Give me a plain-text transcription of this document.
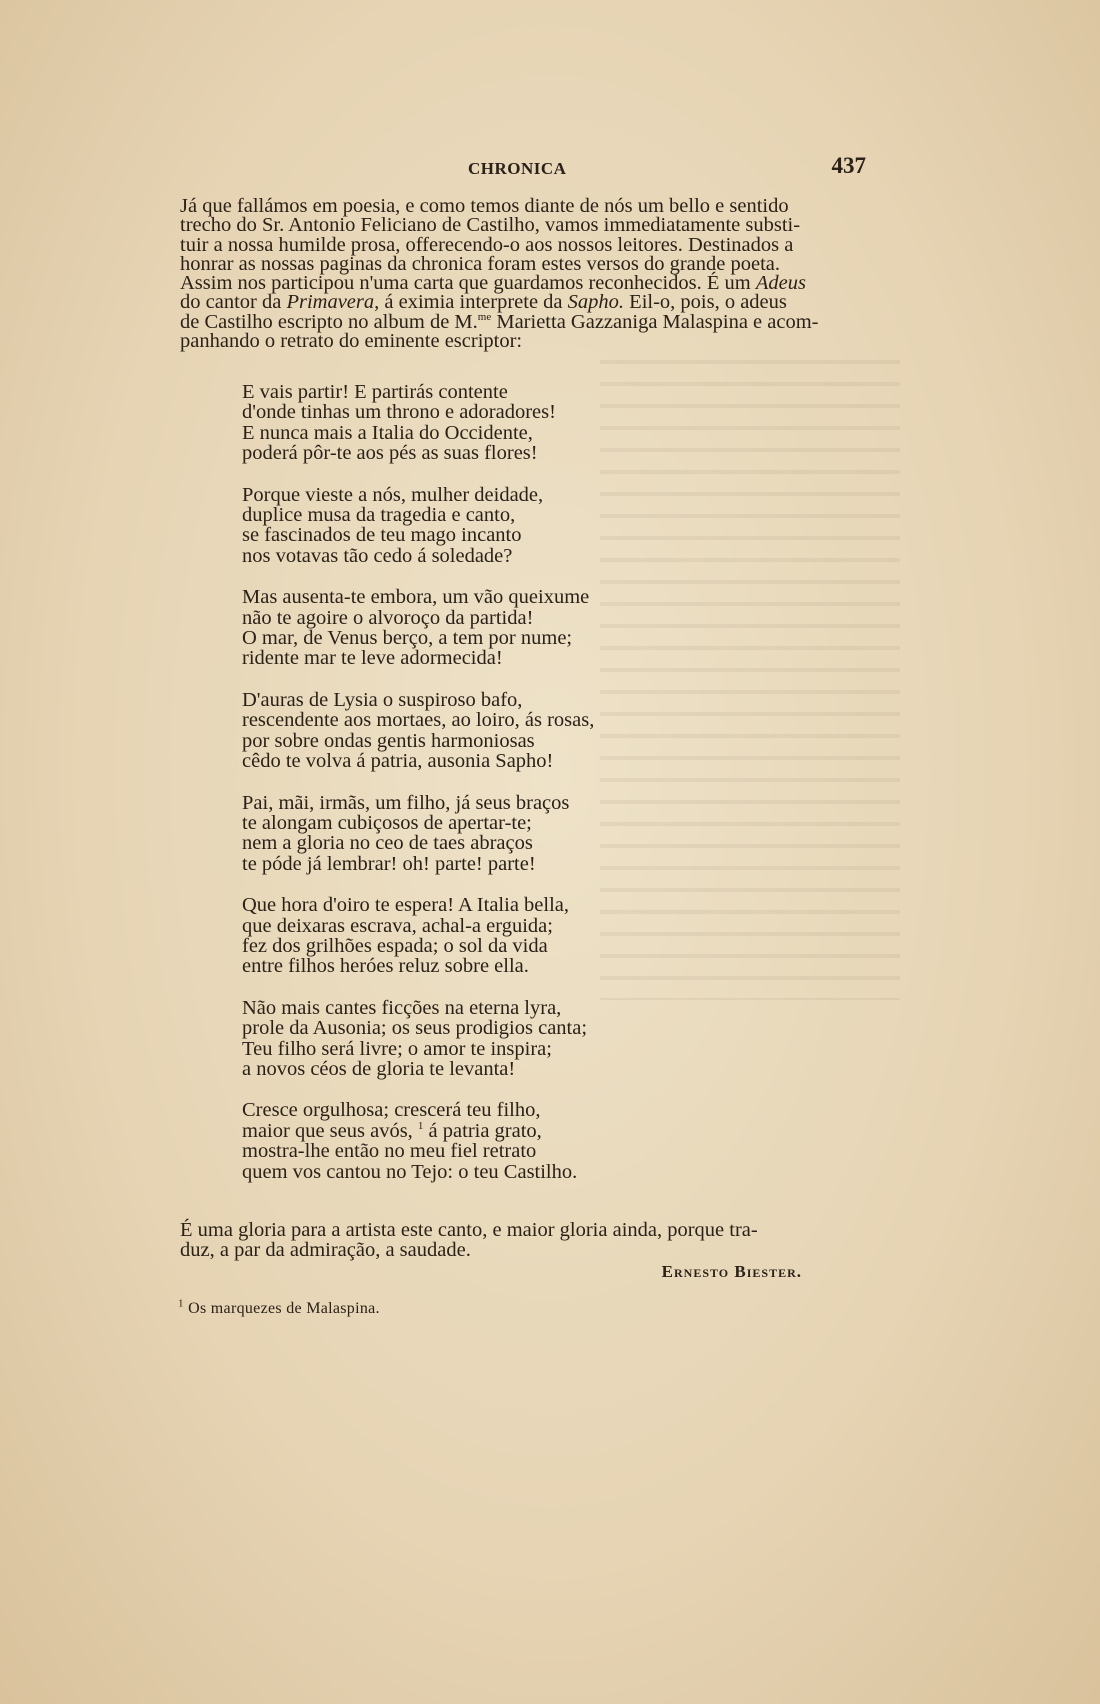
CHRONICA	437

Já que fallámos em poesia, e como temos diante de nós um bello e sentido
trecho do Sr. Antonio Feliciano de Castilho, vamos immediatamente substi-
tuir a nossa humilde prosa, offerecendo-o aos nossos leitores. Destinados a
honrar as nossas paginas da chronica foram estes versos do grande poeta.
Assim nos participou n'uma carta que guardamos reconhecidos. É um Adeus
do cantor da Primavera, á eximia interprete da Sapho. Eil-o, pois, o adeus
de Castilho escripto no album de M.$^{me}$ Marietta Gazzaniga Malaspina e acom-
panhando o retrato do eminente escriptor:

E vais partir! E partirás contente
d'onde tinhas um throno e adoradores!
E nunca mais a Italia do Occidente,
poderá pôr-te aos pés as suas flores!
Porque vieste a nós, mulher deidade,
duplice musa da tragedia e canto,
se fascinados de teu mago incanto
nos votavas tão cedo á soledade?
Mas ausenta-te embora, um vão queixume
não te agoire o alvoroço da partida!
O mar, de Venus berço, a tem por nume;
ridente mar te leve adormecida!
D'auras de Lysia o suspiroso bafo,
rescendente aos mortaes, ao loiro, ás rosas,
por sobre ondas gentis harmoniosas
cêdo te volva á patria, ausonia Sapho!
Pai, mãi, irmãs, um filho, já seus braços
te alongam cubiçosos de apertar-te;
nem a gloria no ceo de taes abraços
te póde já lembrar! oh! parte! parte!
Que hora d'oiro te espera! A Italia bella,
que deixaras escrava, achal-a erguida;
fez dos grilhões espada; o sol da vida
entre filhos heróes reluz sobre ella.
Não mais cantes ficções na eterna lyra,
prole da Ausonia; os seus prodigios canta;
Teu filho será livre; o amor te inspira;
a novos céos de gloria te levanta!
Cresce orgulhosa; crescerá teu filho,
maior que seus avós, $^1$ á patria grato,
mostra-lhe então no meu fiel retrato
quem vos cantou no Tejo: o teu Castilho.

É uma gloria para a artista este canto, e maior gloria ainda, porque tra-
duz, a par da admiração, a saudade.

Ernesto Biester.
$^1$ Os marquezes de Malaspina.
